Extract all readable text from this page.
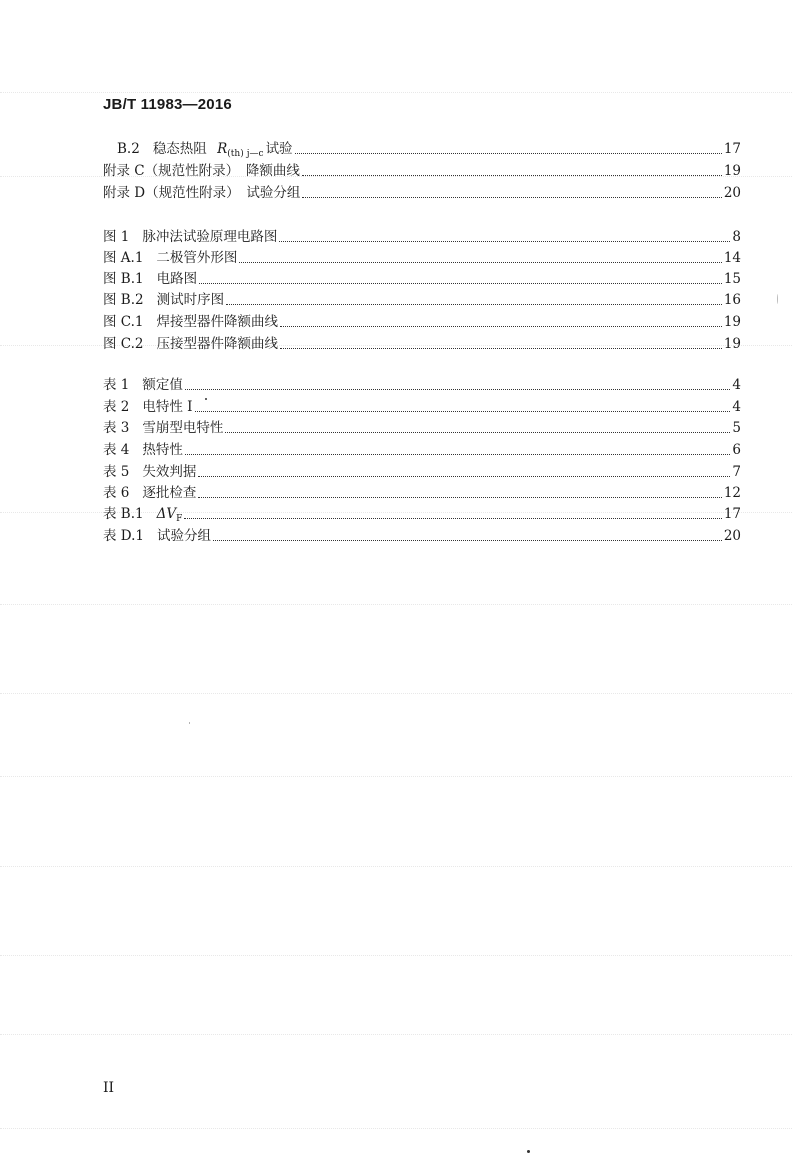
JB/T 11983—2016
B.2 稳态热阻 $R_{(th)}$ $_{j—c}$ 试验	17
附录 C （规范性附录）　降额曲线	19
附录 D （规范性附录）　试验分组	20
图 1 脉冲法试验原理电路图	8
图 A.1 二极管外形图	14
图 B.1 电路图	15
图 B.2 测试时序图	16
图 C.1 焊接型器件降额曲线	19
图 C.2 压接型器件降额曲线	19
表 1 额定值	4
表 2 电特性 I	4
表 3 雪崩型电特性	5
表 4 热特性	6
表 5 失效判据	7
表 6 逐批检查	12
表 B.1 $\Delta V_F$	17
表 D.1 试验分组	20
II
